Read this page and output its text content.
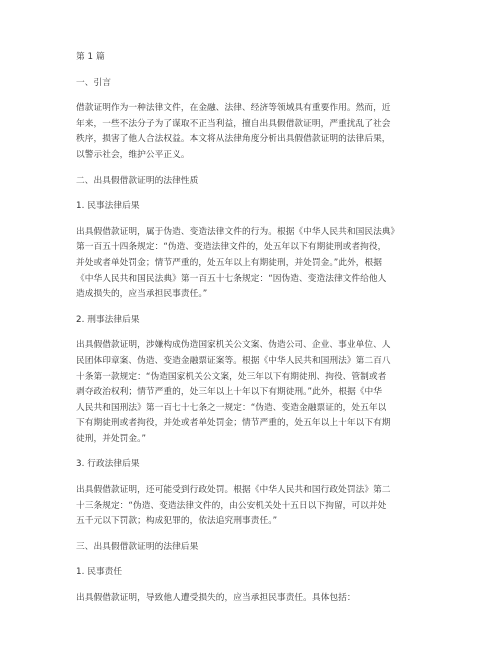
第 1 篇

一、引言

借款证明作为一种法律文件，在金融、法律、经济等领域具有重要作用。然而，近
年来，一些不法分子为了谋取不正当利益，擅自出具假借款证明，严重扰乱了社会
秩序，损害了他人合法权益。本文将从法律角度分析出具假借款证明的法律后果，
以警示社会，维护公平正义。

二、出具假借款证明的法律性质

1. 民事法律后果

出具假借款证明，属于伪造、变造法律文件的行为。根据《中华人民共和国民法典》
第一百五十四条规定：“伪造、变造法律文件的，处五年以下有期徒刑或者拘役，
并处或者单处罚金；情节严重的，处五年以上有期徒刑，并处罚金。”此外，根据
《中华人民共和国民法典》第一百五十七条规定：“因伪造、变造法律文件给他人
造成损失的，应当承担民事责任。”

2. 刑事法律后果

出具假借款证明，涉嫌构成伪造国家机关公文案、伪造公司、企业、事业单位、人
民团体印章案、伪造、变造金融票证案等。根据《中华人民共和国刑法》第二百八
十条第一款规定：“伪造国家机关公文案，处三年以下有期徒刑、拘役、管制或者
剥夺政治权利；情节严重的，处三年以上十年以下有期徒刑。”此外，根据《中华
人民共和国刑法》第一百七十七条之一规定：“伪造、变造金融票证的，处五年以
下有期徒刑或者拘役，并处或者单处罚金；情节严重的，处五年以上十年以下有期
徒刑，并处罚金。”

3. 行政法律后果

出具假借款证明，还可能受到行政处罚。根据《中华人民共和国行政处罚法》第二
十三条规定：“伪造、变造法律文件的，由公安机关处十五日以下拘留，可以并处
五千元以下罚款；构成犯罪的，依法追究刑事责任。”

三、出具假借款证明的法律后果

1. 民事责任

出具假借款证明，导致他人遭受损失的，应当承担民事责任。具体包括：
